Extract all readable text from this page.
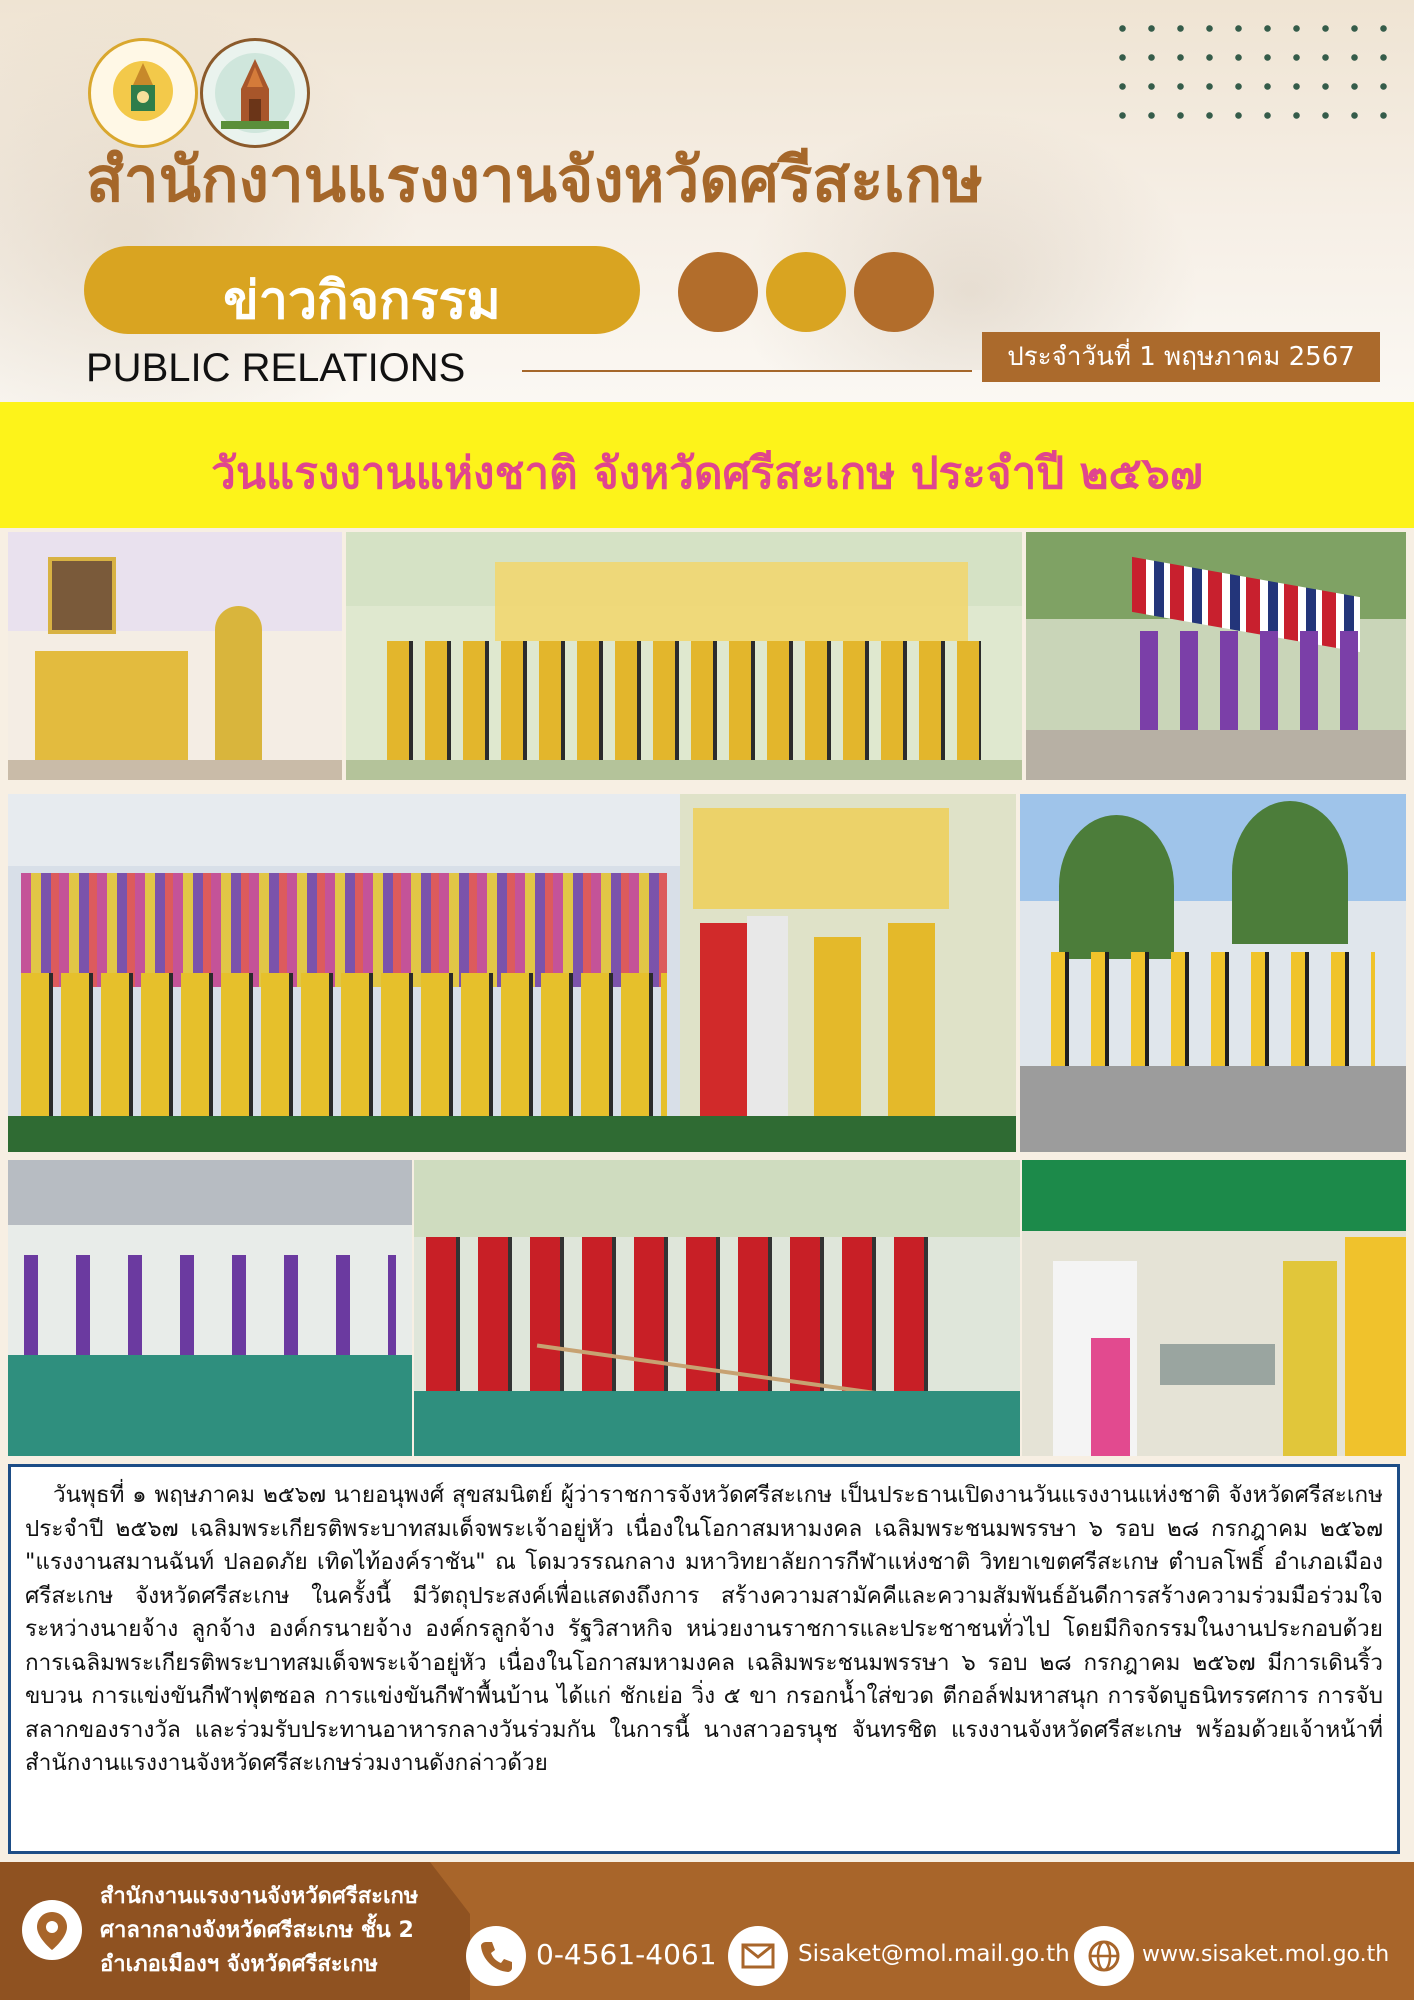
สำนักงานแรงงานจังหวัดศรีสะเกษ
ข่าวกิจกรรม
PUBLIC RELATIONS	ประจำวันที่ 1 พฤษภาคม 2567
วันแรงงานแห่งชาติ จังหวัดศรีสะเกษ ประจำปี ๒๕๖๗

วันพุธที่ ๑ พฤษภาคม ๒๕๖๗ นายอนุพงศ์ สุขสมนิตย์ ผู้ว่าราชการจังหวัดศรีสะเกษ เป็นประธานเปิดงานวันแรงงานแห่งชาติ จังหวัดศรีสะเกษ ประจำปี ๒๕๖๗ เฉลิมพระเกียรติพระบาทสมเด็จพระเจ้าอยู่หัว เนื่องในโอกาสมหามงคล เฉลิมพระชนมพรรษา ๖ รอบ ๒๘ กรกฎาคม ๒๕๖๗ "แรงงานสมานฉันท์ ปลอดภัย เทิดไท้องค์ราชัน" ณ โดมวรรณกลาง มหาวิทยาลัยการกีฬาแห่งชาติ วิทยาเขตศรีสะเกษ ตำบลโพธิ์ อำเภอเมืองศรีสะเกษ จังหวัดศรีสะเกษ ในครั้งนี้ มีวัตถุประสงค์เพื่อแสดงถึงการ สร้างความสามัคคีและความสัมพันธ์อันดีการสร้างความร่วมมือร่วมใจ ระหว่างนายจ้าง ลูกจ้าง องค์กรนายจ้าง องค์กรลูกจ้าง รัฐวิสาหกิจ หน่วยงานราชการและประชาชนทั่วไป โดยมีกิจกรรมในงานประกอบด้วยการเฉลิมพระเกียรติพระบาทสมเด็จพระเจ้าอยู่หัว เนื่องในโอกาสมหามงคล เฉลิมพระชนมพรรษา ๖ รอบ ๒๘ กรกฎาคม ๒๕๖๗ มีการเดินริ้วขบวน การแข่งขันกีฬาฟุตซอล การแข่งขันกีฬาพื้นบ้าน ได้แก่ ชักเย่อ วิ่ง ๕ ขา กรอกน้ำใส่ขวด ตีกอล์ฟมหาสนุก การจัดบูธนิทรรศการ การจับสลากของรางวัล และร่วมรับประทานอาหารกลางวันร่วมกัน ในการนี้ นางสาวอรนุช จันทรชิต แรงงานจังหวัดศรีสะเกษ พร้อมด้วยเจ้าหน้าที่สำนักงานแรงงานจังหวัดศรีสะเกษร่วมงานดังกล่าวด้วย

สำนักงานแรงงานจังหวัดศรีสะเกษ
ศาลากลางจังหวัดศรีสะเกษ ชั้น 2
อำเภอเมืองฯ จังหวัดศรีสะเกษ	0-4561-4061	Sisaket@mol.mail.go.th	www.sisaket.mol.go.th
